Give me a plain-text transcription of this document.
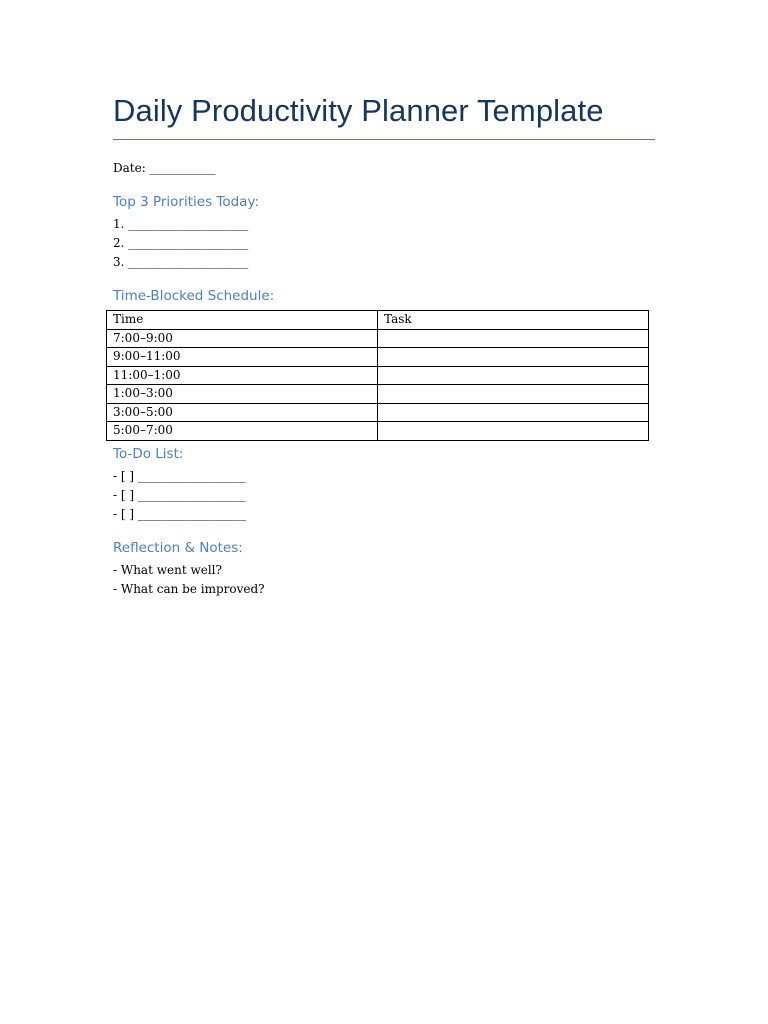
Daily Productivity Planner Template
Date: ___________
Top 3 Priorities Today:
1. ____________________
2. ____________________
3. ____________________
Time-Blocked Schedule:
Time	Task
7:00–9:00	
9:00–11:00	
11:00–1:00	
1:00–3:00	
3:00–5:00	
5:00–7:00	
To-Do List:
- [ ] __________________
- [ ] __________________
- [ ] __________________
Reflection & Notes:
- What went well?
- What can be improved?
